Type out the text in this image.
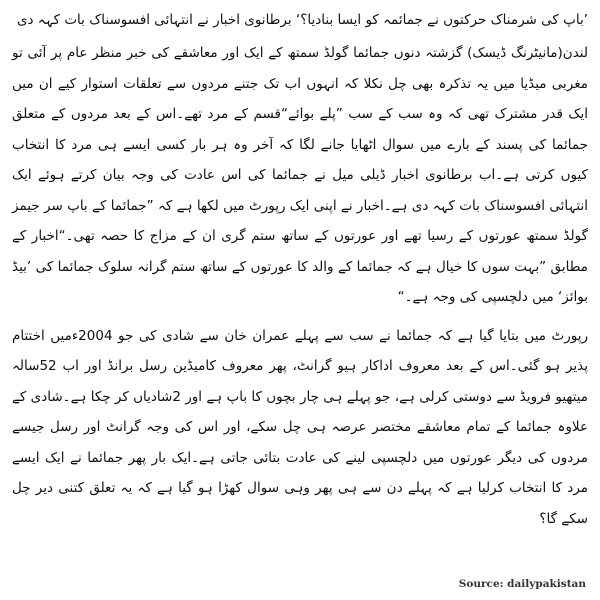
’باپ کی شرمناک حرکتوں نے جمائمہ کو ایسا بنادیا؟‘ برطانوی اخبار نے انتہائی افسوسناک بات کہہ دی

لندن(مانیٹرنگ ڈیسک) گزشتہ دنوں جمائما گولڈ سمتھ کے ایک اور معاشقے کی خبر منظر عام پر آئی تو مغربی میڈیا میں یہ تذکرہ بھی چل نکلا کہ انہوں اب تک جتنے مردوں سے تعلقات استوار کیے ان میں ایک قدر مشترک تھی کہ وہ سب کے سب ”پلے بوائے“قسم کے مرد تھے۔اس کے بعد مردوں کے متعلق جمائما کی پسند کے بارے میں سوال اٹھایا جانے لگا کہ آخر وہ ہر بار کسی ایسے ہی مرد کا انتخاب کیوں کرتی ہے۔اب برطانوی اخبار ڈیلی میل نے جمائما کی اس عادت کی وجہ بیان کرتے ہوئے ایک انتہائی افسوسناک بات کہہ دی ہے۔اخبار نے اپنی ایک رپورٹ میں لکھا ہے کہ ”جمائما کے باپ سر جیمز گولڈ سمتھ عورتوں کے رسیا تھے اور عورتوں کے ساتھ ستم گری ان کے مزاج کا حصہ تھی۔“اخبار کے مطابق ”بہت سوں کا خیال ہے کہ جمائما کے والد کا عورتوں کے ساتھ ستم گرانہ سلوک جمائما کی ’بیڈ بوائز‘ میں دلچسپی کی وجہ ہے۔“

رپورٹ میں بتایا گیا ہے کہ جمائما نے سب سے پہلے عمران خان سے شادی کی جو 2004ءمیں اختتام پذیر ہو گئی۔اس کے بعد معروف اداکار ہیو گرانٹ، پھر معروف کامیڈین رسل برانڈ اور اب 52سالہ میتھیو فرویڈ سے دوستی کرلی ہے، جو پہلے ہی چار بچوں کا باپ ہے اور 2شادیاں کر چکا ہے۔شادی کے علاوہ جمائما کے تمام معاشقے مختصر عرصہ ہی چل سکے، اور اس کی وجہ گرانٹ اور رسل جیسے مردوں کی دیگر عورتوں میں دلچسپی لینے کی عادت بتائی جاتی ہے۔ایک بار پھر جمائما نے ایک ایسے مرد کا انتخاب کرلیا ہے کہ پہلے دن سے ہی پھر وہی سوال کھڑا ہو گیا ہے کہ یہ تعلق کتنی دیر چل سکے گا؟

Source: dailypakistan
